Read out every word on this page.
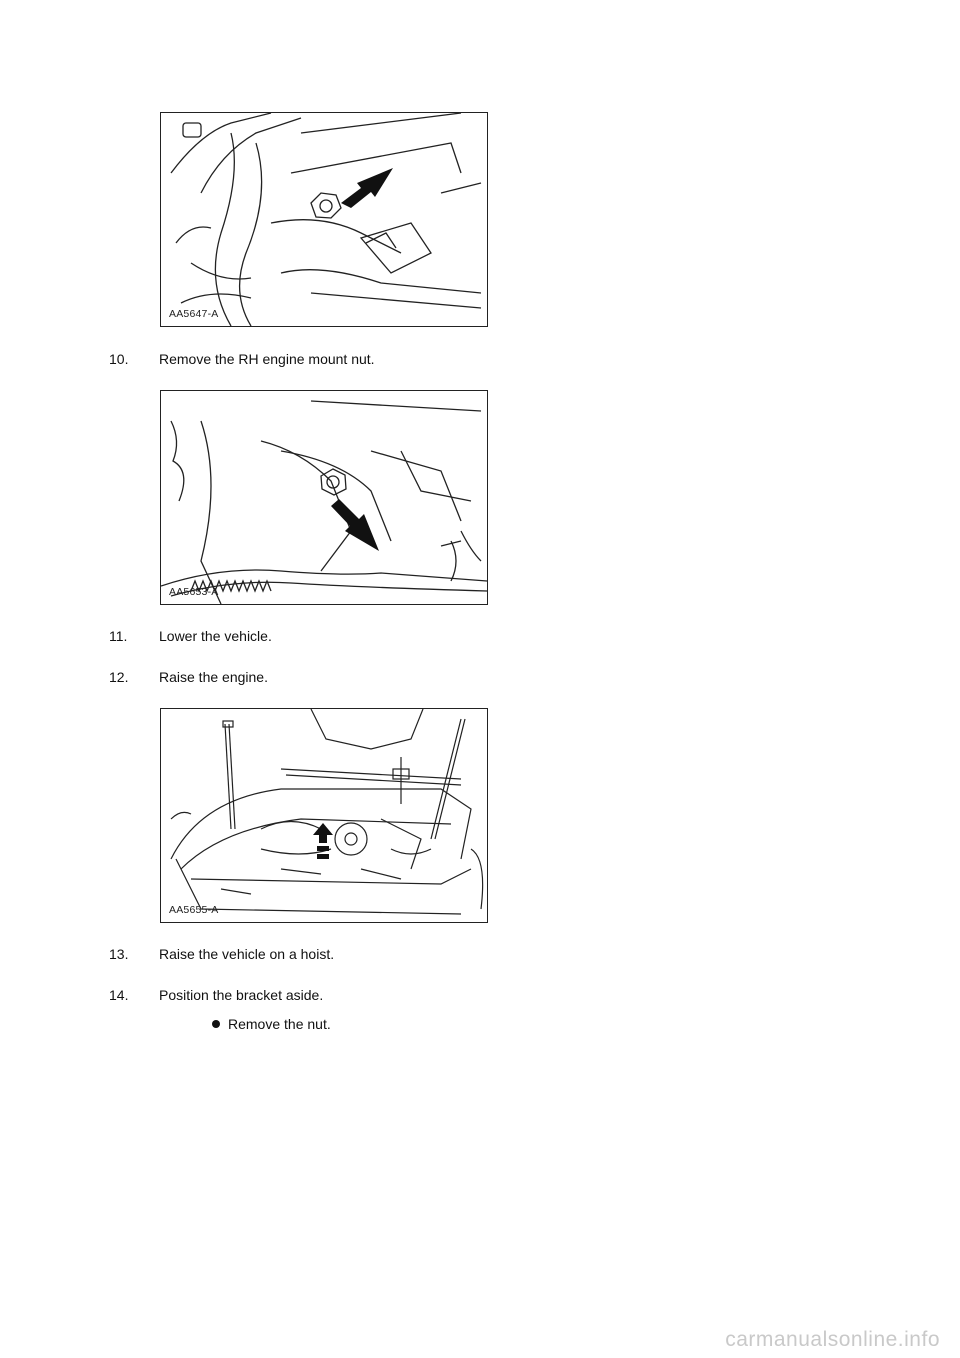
AA5647-A
10. Remove the RH engine mount nut.
AA5653-A
11. Lower the vehicle.
12. Raise the engine.
AA5655-A
13. Raise the vehicle on a hoist.
14. Position the bracket aside.
Remove the nut.
carmanualsonline.info
